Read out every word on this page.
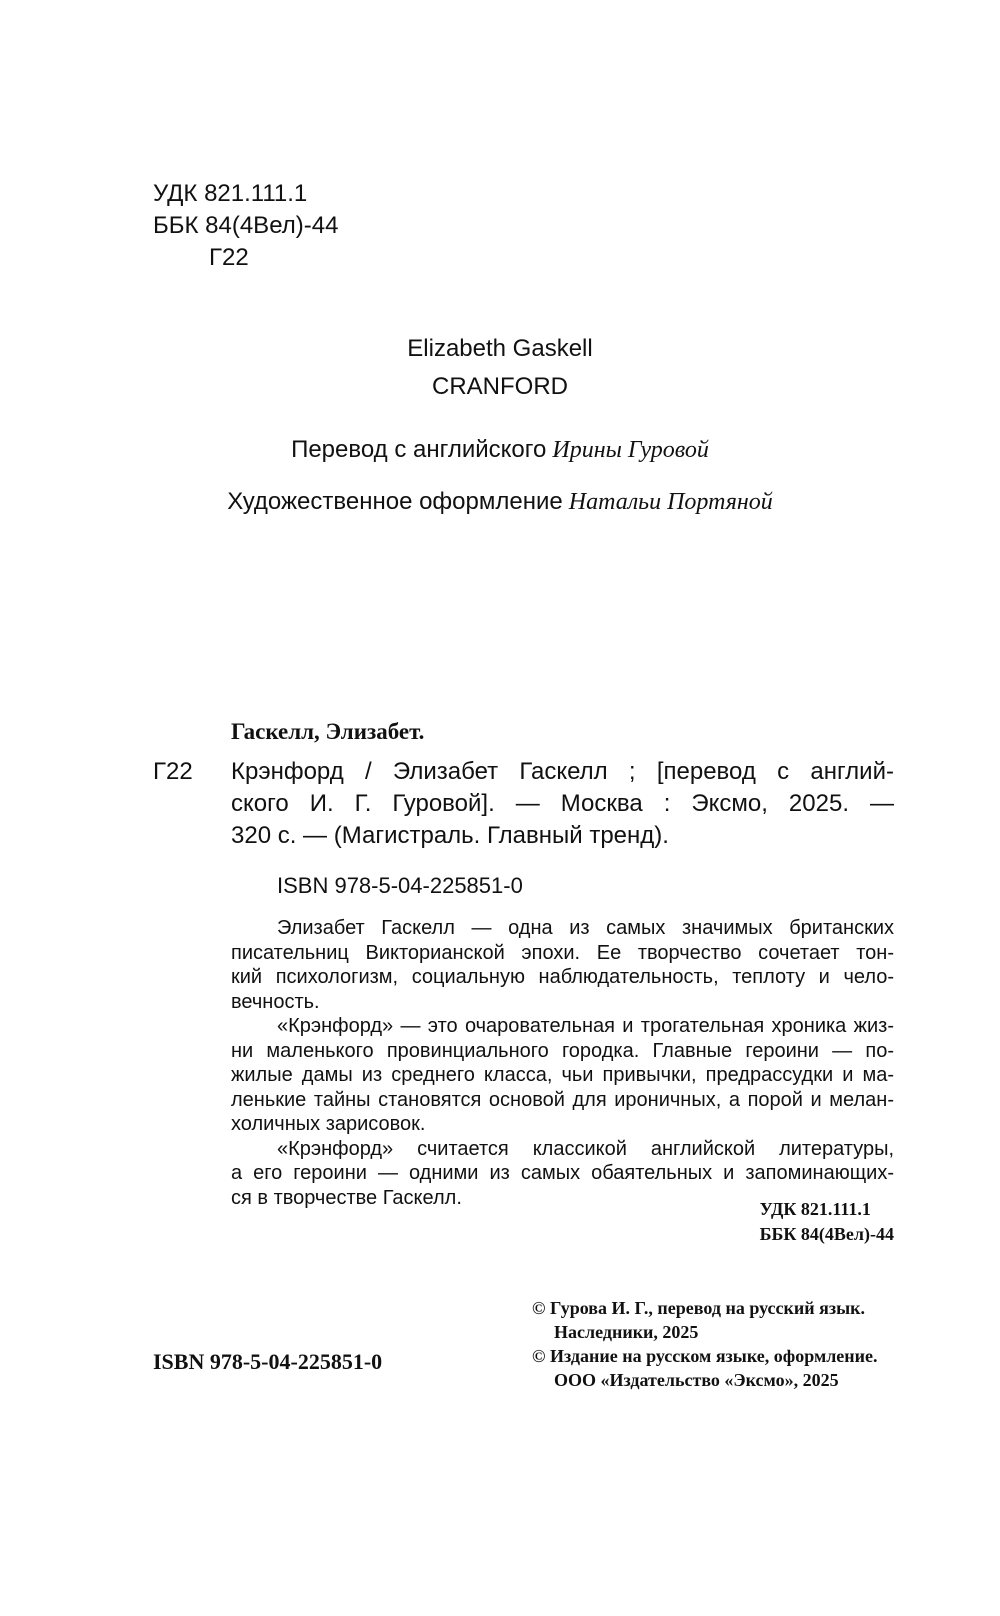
УДК 821.111.1
ББК 84(4Вел)-44
Г22
Elizabeth Gaskell
CRANFORD
Перевод с английского Ирины Гуровой
Художественное оформление Натальи Портяной
Гаскелл, Элизабет.
Г22 Крэнфорд / Элизабет Гаскелл ; [перевод с англий-
ского И. Г. Гуровой]. — Москва : Эксмо, 2025. —
320 с. — (Магистраль. Главный тренд).
ISBN 978-5-04-225851-0
Элизабет Гаскелл — одна из самых значимых британских
писательниц Викторианской эпохи. Ее творчество сочетает тон-
кий психологизм, социальную наблюдательность, теплоту и чело-
вечность.
«Крэнфорд» — это очаровательная и трогательная хроника жиз-
ни маленького провинциального городка. Главные героини — по-
жилые дамы из среднего класса, чьи привычки, предрассудки и ма-
ленькие тайны становятся основой для ироничных, а порой и мелан-
холичных зарисовок.
«Крэнфорд» считается классикой английской литературы,
а его героини — одними из самых обаятельных и запоминающих-
ся в творчестве Гаскелл.
УДК 821.111.1
ББК 84(4Вел)-44
ISBN 978-5-04-225851-0
© Гурова И. Г., перевод на русский язык.
Наследники, 2025
© Издание на русском языке, оформление.
ООО «Издательство «Эксмо», 2025
